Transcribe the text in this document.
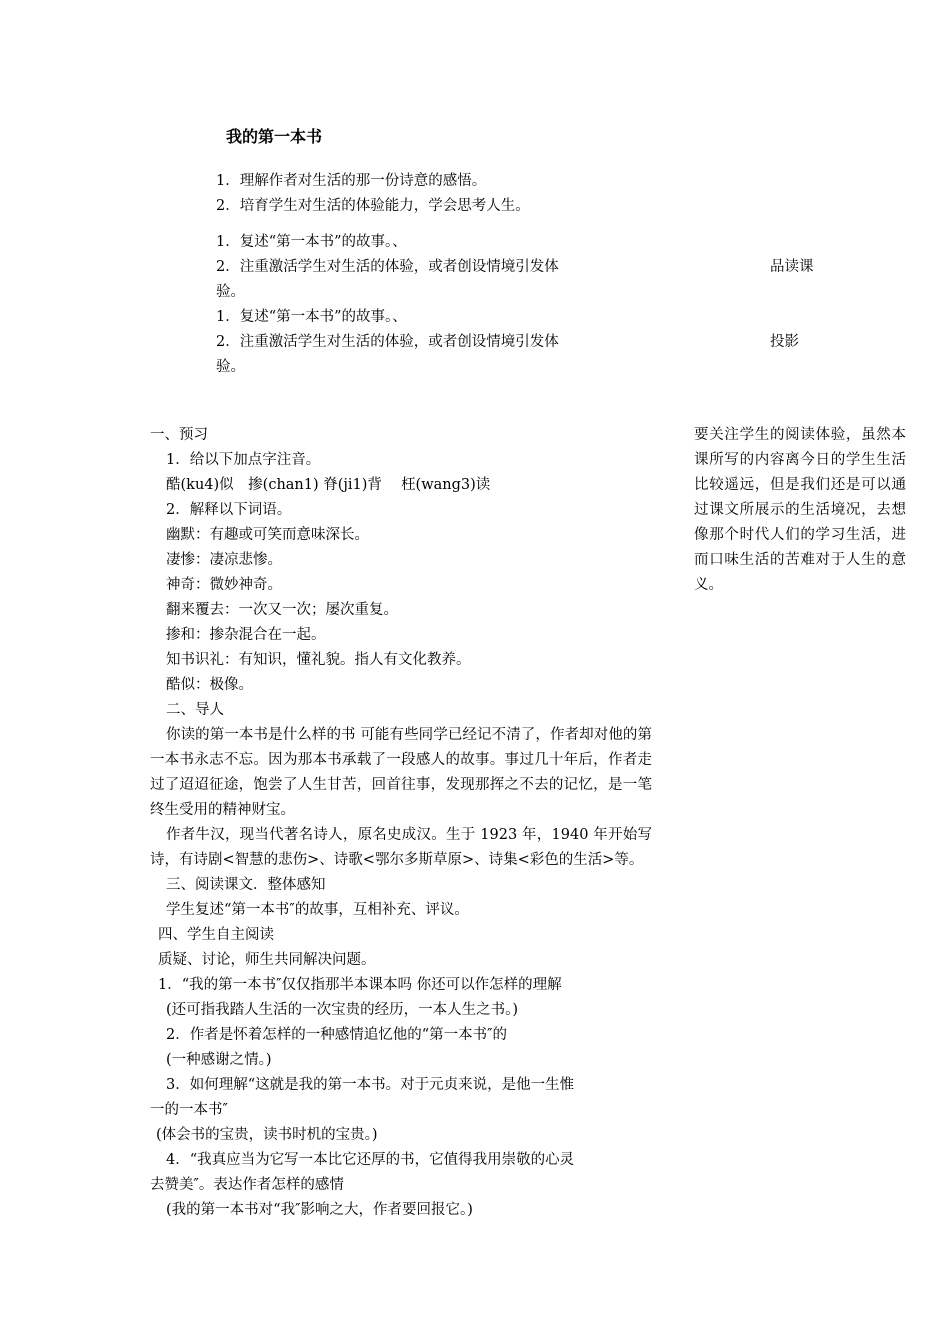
我的第一本书
1．理解作者对生活的那一份诗意的感悟。
2．培育学生对生活的体验能力，学会思考人生。
1．复述“第一本书”的故事。、
2．注重激活学生对生活的体验，或者创设情境引发体
验。
1．复述“第一本书”的故事。、
2．注重激活学生对生活的体验，或者创设情境引发体
验。
品读课
投影
一、预习
1．给以下加点字注音。
酷(ku4)似　掺(chan1) 脊(ji1)背　 枉(wang3)读
2．解释以下词语。
幽默：有趣或可笑而意味深长。
凄惨：凄凉悲惨。
神奇：微妙神奇。
翻来覆去：一次又一次；屡次重复。
掺和：掺杂混合在一起。
知书识礼：有知识，懂礼貌。指人有文化教养。
酷似：极像。
二、导人
你读的第一本书是什么样的书 可能有些同学已经记不清了，作者却对他的第一本书永志不忘。因为那本书承载了一段感人的故事。事过几十年后，作者走过了迢迢征途，饱尝了人生甘苦，回首往事，发现那挥之不去的记忆，是一笔终生受用的精神财宝。
作者牛汉，现当代著名诗人，原名史成汉。生于 1923 年，1940 年开始写诗，有诗剧<智慧的悲伤>、诗歌<鄂尔多斯草原>、诗集<彩色的生活>等。
三、阅读课文．整体感知
学生复述“第一本书″的故事，互相补充、评议。
四、学生自主阅读
质疑、讨论，师生共同解决问题。
1．“我的第一本书″仅仅指那半本课本吗 你还可以作怎样的理解
(还可指我踏人生活的一次宝贵的经历，一本人生之书。)
2．作者是怀着怎样的一种感情追忆他的“第一本书″的
(一种感谢之情。)
3．如何理解“这就是我的第一本书。对于元贞来说，是他一生惟
一的一本书″
(体会书的宝贵，读书时机的宝贵。)
4．“我真应当为它写一本比它还厚的书，它值得我用崇敬的心灵
去赞美″。表达作者怎样的感情
(我的第一本书对“我″影响之大，作者要回报它。)
要关注学生的阅读体验，虽然本课所写的内容离今日的学生生活比较遥远，但是我们还是可以通过课文所展示的生活境况，去想像那个时代人们的学习生活，进而口味生活的苦难对于人生的意义。
